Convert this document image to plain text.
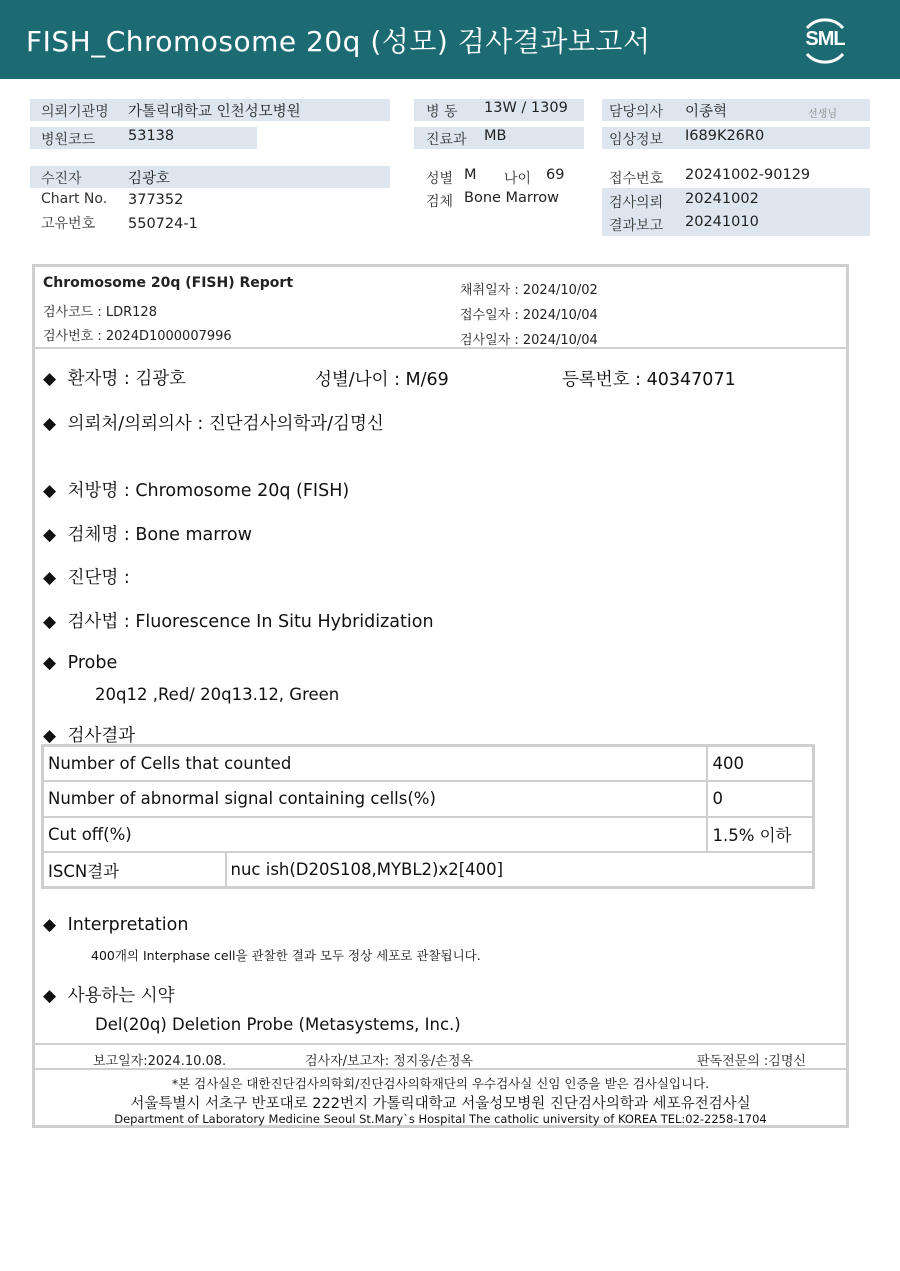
FISH_Chromosome 20q (성모) 검사결과보고서	SML
의뢰기관명 가톨릭대학교 인천성모병원
병원코드 53138
병 동 13W / 1309
진료과 MB
담당의사 이종혁	선생님
임상정보 I689K26R0
수진자	김광호
Chart No. 377352
고유번호 550724-1
성별 M 나이 69
검체 Bone Marrow
접수번호 20241002-90129
검사의뢰 20241002
결과보고 20241010
Chromosome 20q (FISH) Report
검사코드 : LDR128
검사번호 : 2024D1000007996
채취일자 : 2024/10/02
접수일자 : 2024/10/04
검사일자 : 2024/10/04
◆ 환자명 : 김광호	성별/나이 : M/69	등록번호 : 40347071
◆ 의뢰처/의뢰의사 : 진단검사의학과/김명신
◆ 처방명 : Chromosome 20q (FISH)
◆ 검체명 : Bone marrow
◆ 진단명 :
◆ 검사법 : Fluorescence In Situ Hybridization
◆ Probe
20q12 ,Red/ 20q13.12, Green
◆ 검사결과
Number of Cells that counted		400
Number of abnormal signal containing cells(%)		0
Cut off(%)		1.5% 이하
ISCN결과	nuc ish(D20S108,MYBL2)x2[400]	
◆ Interpretation
400개의 Interphase cell을 관찰한 결과 모두 정상 세포로 관찰됩니다.
◆ 사용하는 시약
Del(20q) Deletion Probe (Metasystems, Inc.)
보고일자:2024.10.08.	검사자/보고자: 정지웅/손정옥	판독전문의 :김명신
*본 검사실은 대한진단검사의학회/진단검사의학재단의 우수검사실 신임 인증을 받은 검사실입니다.
서울특별시 서초구 반포대로 222번지 가톨릭대학교 서울성모병원 진단검사의학과 세포유전검사실
Department of Laboratory Medicine Seoul St.Mary`s Hospital The catholic university of KOREA TEL:02-2258-1704
